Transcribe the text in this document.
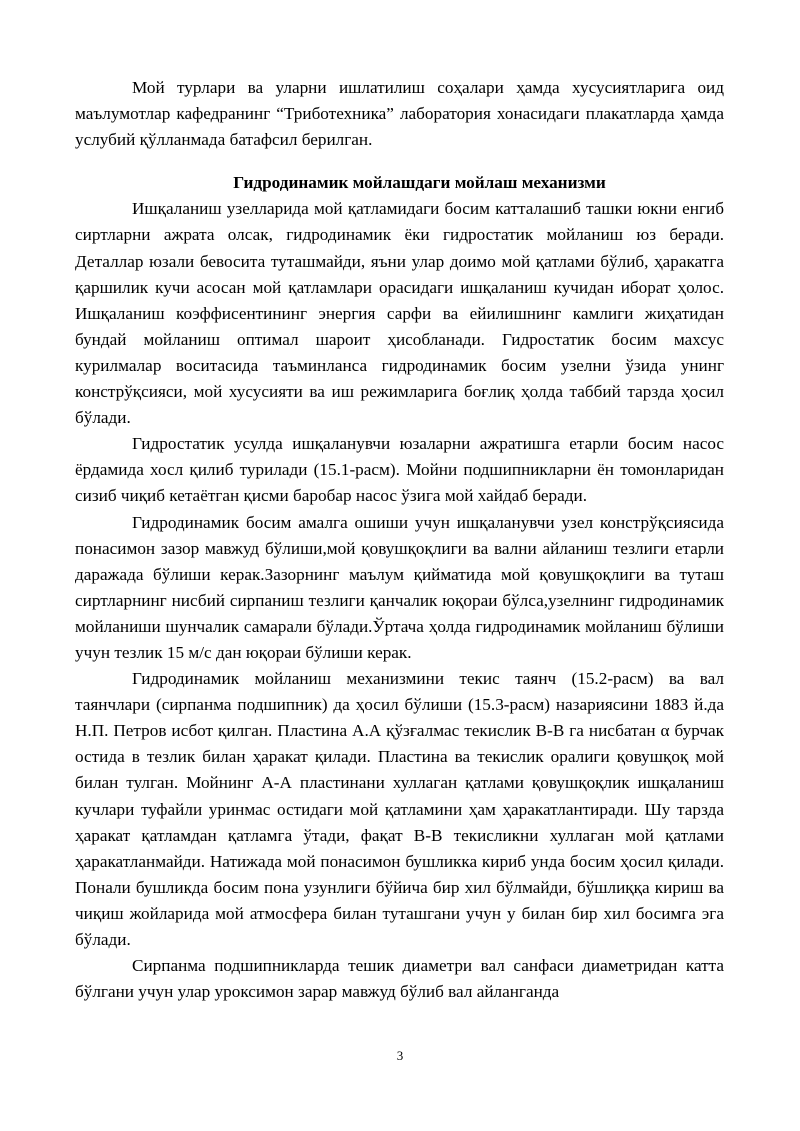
Мой турлари ва уларни ишлатилиш соҳалари ҳамда хусусиятларига оид маълумотлар кафедранинг “Триботехника” лаборатория хонасидаги плакатларда ҳамда услубий қўлланмада батафсил берилган.

Гидродинамик мойлашдаги мойлаш механизми

Ишқаланиш узелларида мой қатламидаги босим катталашиб ташки юкни енгиб сиртларни ажрата олсак, гидродинамик ёки гидростатик мойланиш юз беради. Деталлар юзали бевосита туташмайди, яъни улар доимо мой қатлами бўлиб, ҳаракатга қаршилик кучи асосан мой қатламлари орасидаги ишқаланиш кучидан иборат ҳолос. Ишқаланиш коэффисентининг энергия сарфи ва ейилишнинг камлиги жиҳатидан бундай мойланиш оптимал шароит ҳисобланади. Гидростатик босим махсус курилмалар воситасида таъминланса гидродинамик босим узелни ўзида унинг констрўқсияси, мой хусусияти ва иш режимларига боғлиқ ҳолда таббий тарзда ҳосил бўлади.

Гидростатик усулда ишқаланувчи юзаларни ажратишга етарли босим насос ёрдамида хосл қилиб турилади (15.1-расм). Мойни подшипникларни ён томонларидан сизиб чиқиб кетаётган қисми баробар насос ўзига мой хайдаб беради.

Гидродинамик босим амалга ошиши учун ишқаланувчи узел констрўқсиясида понасимон зазор мавжуд бўлиши,мой қовушқоқлиги ва вални айланиш тезлиги етарли даражада бўлиши керак.Зазорнинг маълум қийматида мой қовушқоқлиги ва туташ сиртларнинг нисбий сирпаниш тезлиги қанчалик юқораи бўлса,узелнинг гидродинамик мойланиши шунчалик самарали бўлади.Ўртача ҳолда гидродинамик мойланиш бўлиши учун тезлик 15 м/с дан юқораи бўлиши керак.

Гидродинамик мойланиш механизмини текис таянч (15.2-расм) ва вал таянчлари (сирпанма подшипник) да ҳосил бўлиши (15.3-расм) назариясини 1883 й.да Н.П. Петров исбот қилган. Пластина А.А қўзғалмас текислик В-В га нисбатан α бурчак остида в тезлик билан ҳаракат қилади. Пластина ва текислик оралиги қовушқоқ мой билан тулган. Мойнинг А-А пластинани хуллаган қатлами қовушқоқлик ишқаланиш кучлари туфайли уринмас остидаги мой қатламини ҳам ҳаракатлантиради. Шу тарзда ҳаракат қатламдан қатламга ўтади, фақат В-В текисликни хуллаган мой қатлами ҳаракатланмайди. Натижада мой понасимон бушликка кириб унда босим ҳосил қилади. Понали бушликда босим пона узунлиги бўйича бир хил бўлмайди, бўшлиққа кириш ва чиқиш жойларида мой атмосфера билан туташгани учун у билан бир хил босимга эга бўлади.

Сирпанма подшипникларда тешик диаметри вал санфаси диаметридан катта бўлгани учун улар уроксимон зарар мавжуд бўлиб вал айланганда

3
